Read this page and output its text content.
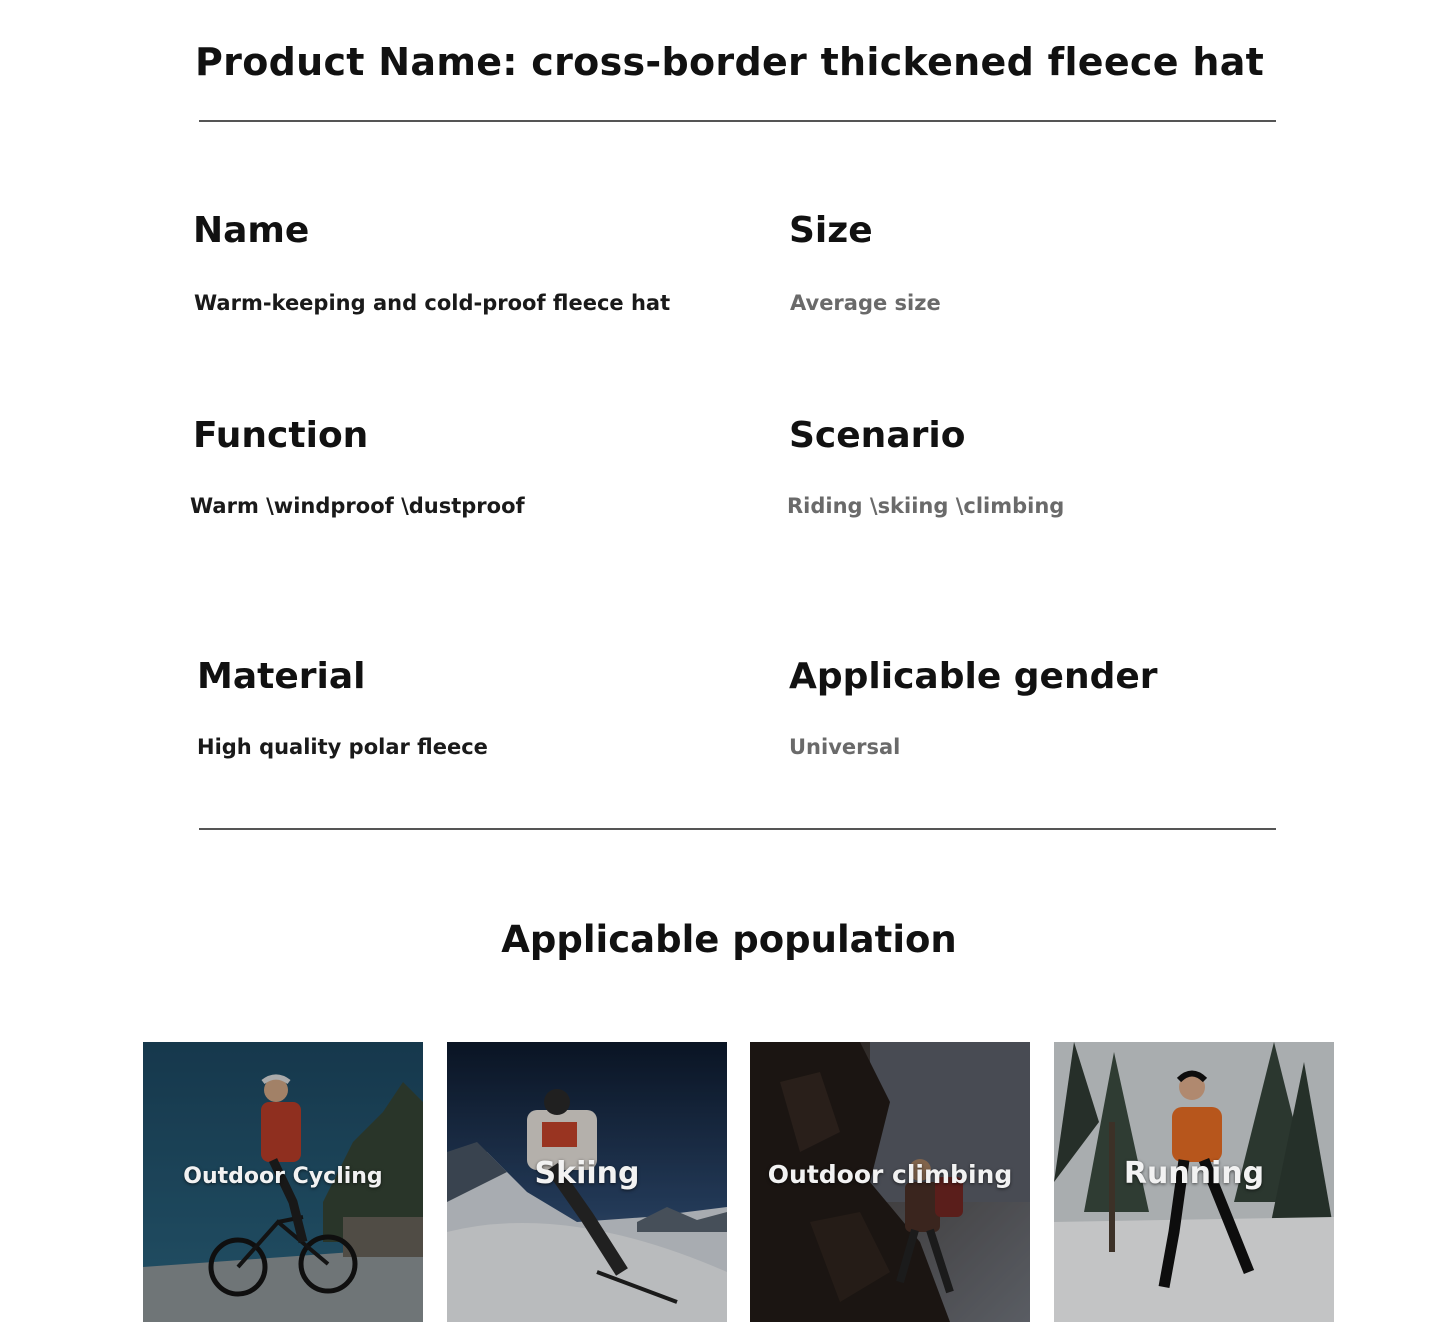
Product Name: cross-border thickened fleece hat
Name
Warm-keeping and cold-proof fleece hat
Size
Average size
Function
Warm \windproof \dustproof
Scenario
Riding \skiing \climbing
Material
High quality polar fleece
Applicable gender
Universal
Applicable population
Outdoor Cycling	Skiing	Outdoor climbing	Running
